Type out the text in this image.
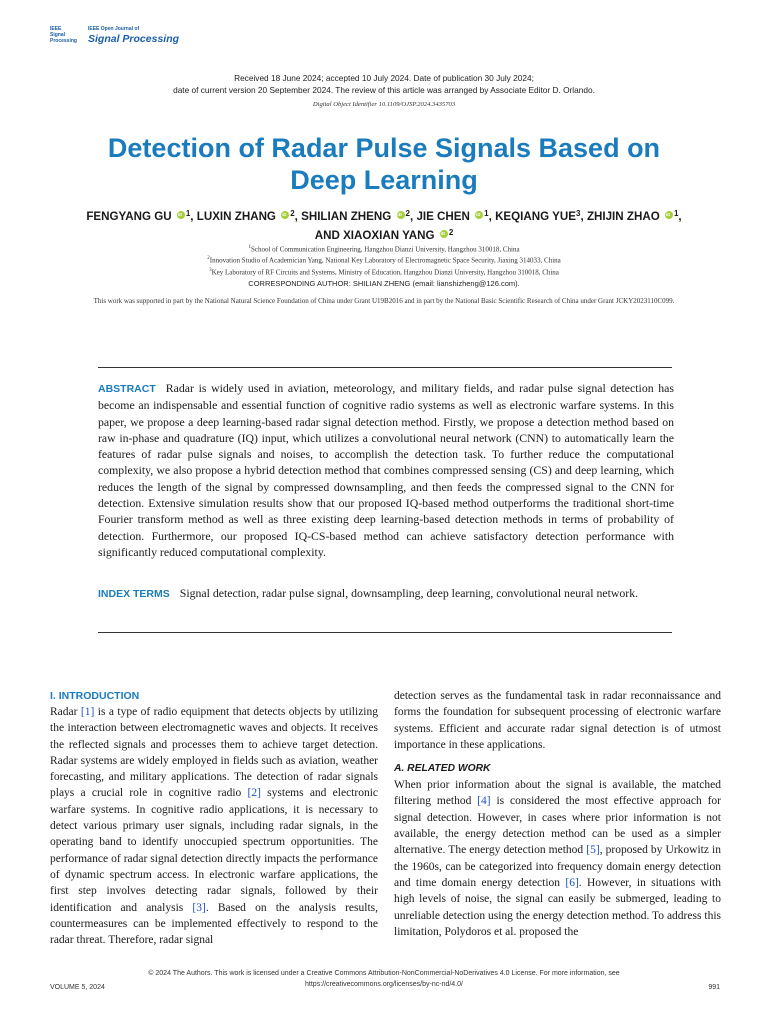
IEEE
Signal
Processing
IEEE Open Journal of
Signal Processing
Received 18 June 2024; accepted 10 July 2024. Date of publication 30 July 2024;
date of current version 20 September 2024. The review of this article was arranged by Associate Editor D. Orlando.
Digital Object Identifier 10.1109/OJSP.2024.3435703
Detection of Radar Pulse Signals Based on
Deep Learning
FENGYANG GU iD $^1$, LUXIN ZHANG iD $^2$, SHILIAN ZHENG iD $^2$, JIE CHEN iD $^1$, KEQIANG YUE$^3$, ZHIJIN ZHAO iD $^1$,
AND XIAOXIAN YANG iD $^2$
$^1$School of Communication Engineering, Hangzhou Dianzi University, Hangzhou 310018, China
$^2$Innovation Studio of Academician Yang, National Key Laboratory of Electromagnetic Space Security, Jiaxing 314033, China
$^3$Key Laboratory of RF Circuits and Systems, Ministry of Education, Hangzhou Dianzi University, Hangzhou 310018, China
CORRESPONDING AUTHOR: SHILIAN ZHENG (email: lianshizheng@126.com).
This work was supported in part by the National Natural Science Foundation of China under Grant U19B2016 and in part by the National Basic Scientific Research of China under Grant JCKY2023110C099.
ABSTRACT Radar is widely used in aviation, meteorology, and military fields, and radar pulse signal detection has become an indispensable and essential function of cognitive radio systems as well as electronic warfare systems. In this paper, we propose a deep learning-based radar signal detection method. Firstly, we propose a detection method based on raw in-phase and quadrature (IQ) input, which utilizes a convolutional neural network (CNN) to automatically learn the features of radar pulse signals and noises, to accomplish the detection task. To further reduce the computational complexity, we also propose a hybrid detection method that combines compressed sensing (CS) and deep learning, which reduces the length of the signal by compressed downsampling, and then feeds the compressed signal to the CNN for detection. Extensive simulation results show that our proposed IQ-based method outperforms the traditional short-time Fourier transform method as well as three existing deep learning-based detection methods in terms of probability of detection. Furthermore, our proposed IQ-CS-based method can achieve satisfactory detection performance with significantly reduced computational complexity.
INDEX TERMS Signal detection, radar pulse signal, downsampling, deep learning, convolutional neural network.
I. INTRODUCTION

Radar [1] is a type of radio equipment that detects objects by utilizing the interaction between electromagnetic waves and objects. It receives the reflected signals and processes them to achieve target detection. Radar systems are widely employed in fields such as aviation, weather forecasting, and military applications. The detection of radar signals plays a crucial role in cognitive radio [2] systems and electronic warfare systems. In cognitive radio applications, it is necessary to detect various primary user signals, including radar signals, in the operating band to identify unoccupied spectrum opportunities. The performance of radar signal detection directly impacts the performance of dynamic spectrum access. In electronic warfare applications, the first step involves detecting radar signals, followed by their identification and analysis [3]. Based on the analysis results, countermeasures can be implemented effectively to respond to the radar threat. Therefore, radar signal

detection serves as the fundamental task in radar reconnaissance and forms the foundation for subsequent processing of electronic warfare systems. Efficient and accurate radar signal detection is of utmost importance in these applications.

A. RELATED WORK

When prior information about the signal is available, the matched filtering method [4] is considered the most effective approach for signal detection. However, in cases where prior information is not available, the energy detection method can be used as a simpler alternative. The energy detection method [5], proposed by Urkowitz in the 1960s, can be categorized into frequency domain energy detection and time domain energy detection [6]. However, in situations with high levels of noise, the signal can easily be submerged, leading to unreliable detection using the energy detection method. To address this limitation, Polydoros et al. proposed the

© 2024 The Authors. This work is licensed under a Creative Commons Attribution-NonCommercial-NoDerivatives 4.0 License. For more information, see
https://creativecommons.org/licenses/by-nc-nd/4.0/
VOLUME 5, 2024	991
